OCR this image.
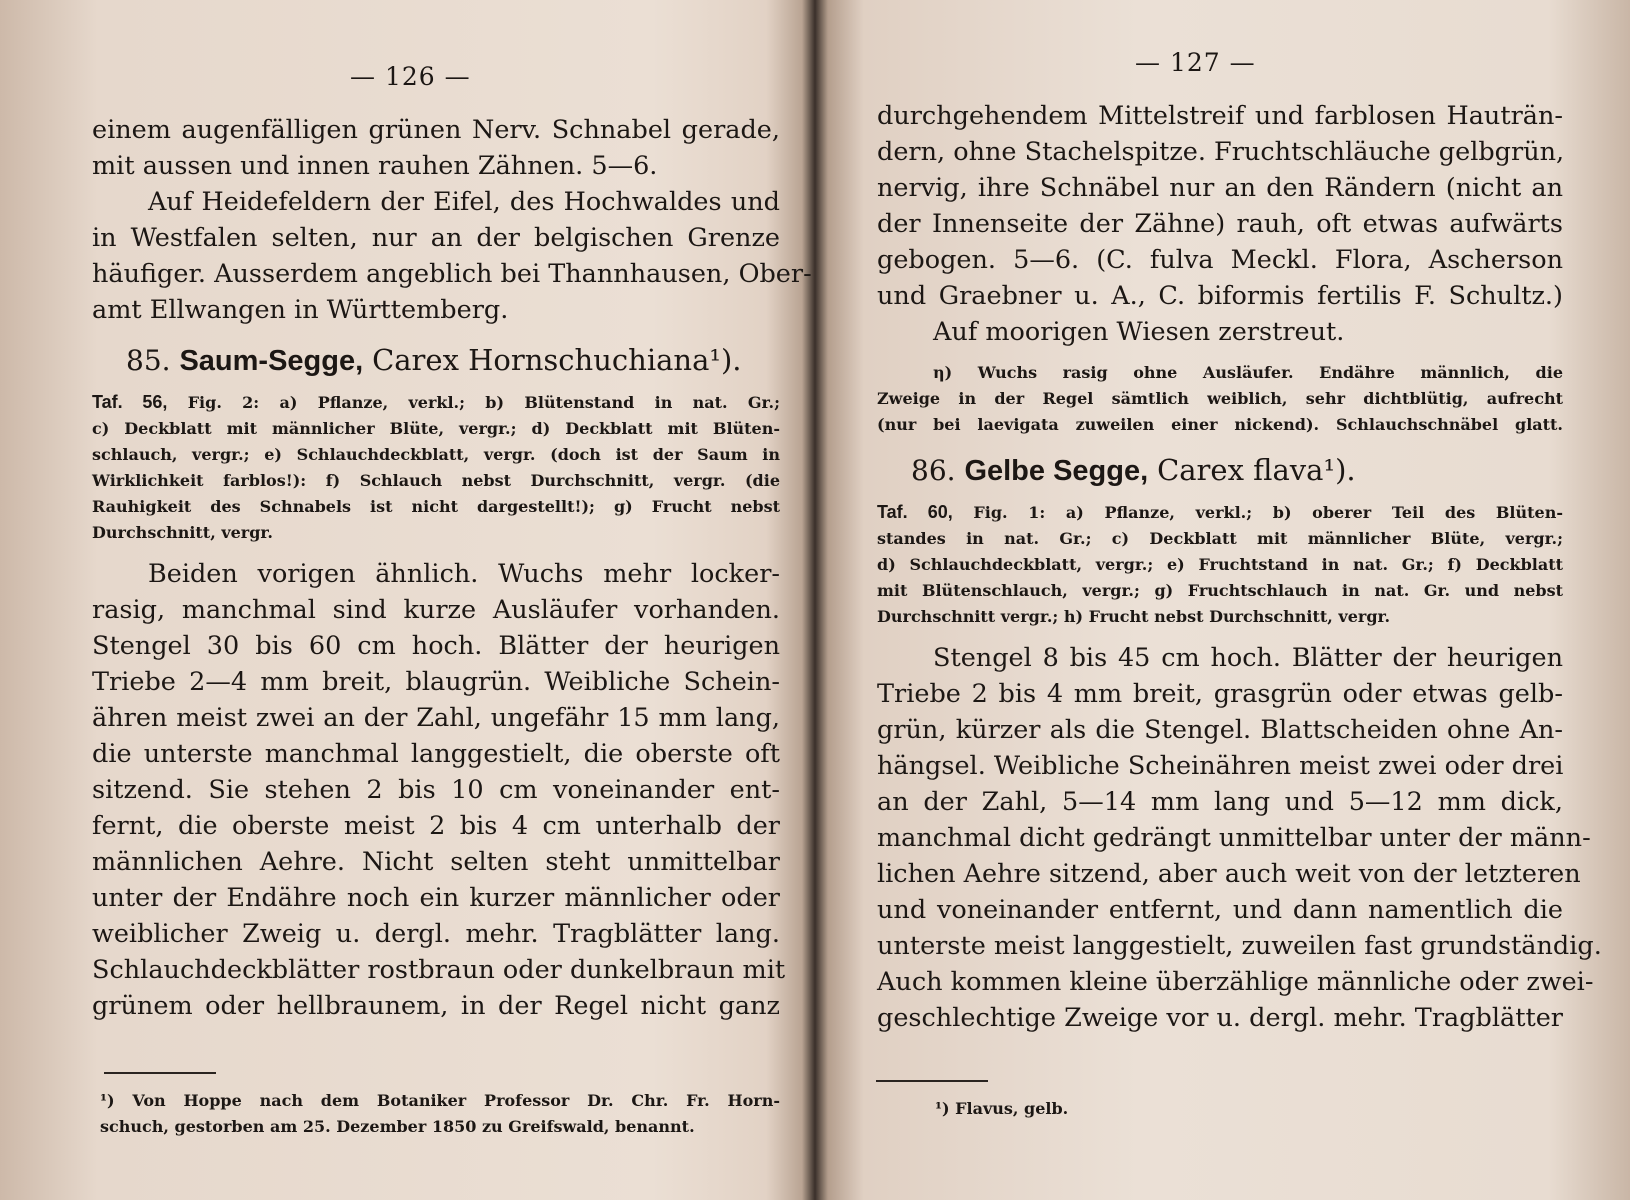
— 126 —
einem augenfälligen grünen Nerv. Schnabel gerade,
mit aussen und innen rauhen Zähnen. 5—6.
Auf Heidefeldern der Eifel, des Hochwaldes und
in Westfalen selten, nur an der belgischen Grenze
häufiger. Ausserdem angeblich bei Thannhausen, Ober-
amt Ellwangen in Württemberg.
85. Saum-Segge, Carex Hornschuchiana¹).
Taf. 56, Fig. 2: a) Pflanze, verkl.; b) Blütenstand in nat. Gr.;
c) Deckblatt mit männlicher Blüte, vergr.; d) Deckblatt mit Blüten-
schlauch, vergr.; e) Schlauchdeckblatt, vergr. (doch ist der Saum in
Wirklichkeit farblos!): f) Schlauch nebst Durchschnitt, vergr. (die
Rauhigkeit des Schnabels ist nicht dargestellt!); g) Frucht nebst
Durchschnitt, vergr.
Beiden vorigen ähnlich. Wuchs mehr locker-
rasig, manchmal sind kurze Ausläufer vorhanden.
Stengel 30 bis 60 cm hoch. Blätter der heurigen
Triebe 2—4 mm breit, blaugrün. Weibliche Schein-
ähren meist zwei an der Zahl, ungefähr 15 mm lang,
die unterste manchmal langgestielt, die oberste oft
sitzend. Sie stehen 2 bis 10 cm voneinander ent-
fernt, die oberste meist 2 bis 4 cm unterhalb der
männlichen Aehre. Nicht selten steht unmittelbar
unter der Endähre noch ein kurzer männlicher oder
weiblicher Zweig u. dergl. mehr. Tragblätter lang.
Schlauchdeckblätter rostbraun oder dunkelbraun mit
grünem oder hellbraunem, in der Regel nicht ganz
¹) Von Hoppe nach dem Botaniker Professor Dr. Chr. Fr. Horn-
schuch, gestorben am 25. Dezember 1850 zu Greifswald, benannt.
— 127 —
durchgehendem Mittelstreif und farblosen Hauträn-
dern, ohne Stachelspitze. Fruchtschläuche gelbgrün,
nervig, ihre Schnäbel nur an den Rändern (nicht an
der Innenseite der Zähne) rauh, oft etwas aufwärts
gebogen. 5—6. (C. fulva Meckl. Flora, Ascherson
und Graebner u. A., C. biformis fertilis F. Schultz.)
Auf moorigen Wiesen zerstreut.
η) Wuchs rasig ohne Ausläufer. Endähre männlich, die
Zweige in der Regel sämtlich weiblich, sehr dichtblütig, aufrecht
(nur bei laevigata zuweilen einer nickend). Schlauchschnäbel glatt.
86. Gelbe Segge, Carex flava¹).
Taf. 60, Fig. 1: a) Pflanze, verkl.; b) oberer Teil des Blüten-
standes in nat. Gr.; c) Deckblatt mit männlicher Blüte, vergr.;
d) Schlauchdeckblatt, vergr.; e) Fruchtstand in nat. Gr.; f) Deckblatt
mit Blütenschlauch, vergr.; g) Fruchtschlauch in nat. Gr. und nebst
Durchschnitt vergr.; h) Frucht nebst Durchschnitt, vergr.
Stengel 8 bis 45 cm hoch. Blätter der heurigen
Triebe 2 bis 4 mm breit, grasgrün oder etwas gelb-
grün, kürzer als die Stengel. Blattscheiden ohne An-
hängsel. Weibliche Scheinähren meist zwei oder drei
an der Zahl, 5—14 mm lang und 5—12 mm dick,
manchmal dicht gedrängt unmittelbar unter der männ-
lichen Aehre sitzend, aber auch weit von der letzteren
und voneinander entfernt, und dann namentlich die
unterste meist langgestielt, zuweilen fast grundständig.
Auch kommen kleine überzählige männliche oder zwei-
geschlechtige Zweige vor u. dergl. mehr. Tragblätter
¹) Flavus, gelb.
